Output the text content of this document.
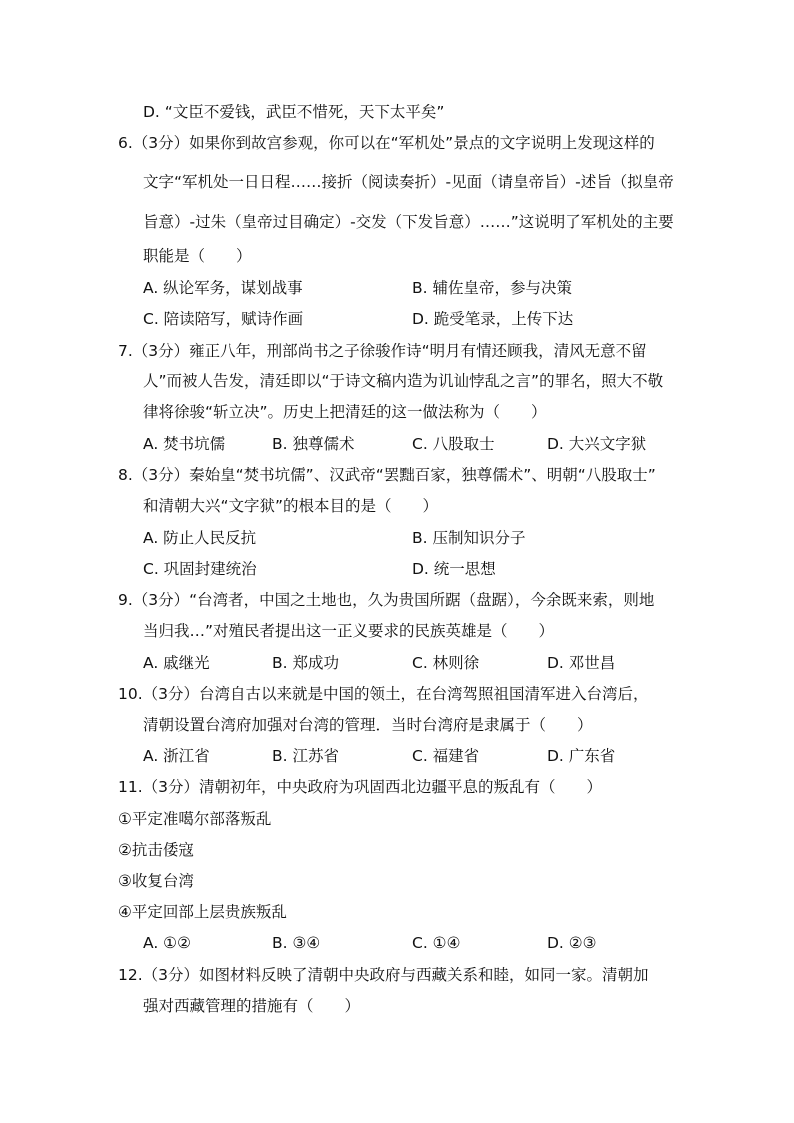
D. “文臣不爱钱，武臣不惜死，天下太平矣”
6.（3分）如果你到故宫参观，你可以在“军机处”景点的文字说明上发现这样的
文字“军机处一日日程……接折（阅读奏折）-见面（请皇帝旨）-述旨（拟皇帝
旨意）-过朱（皇帝过目确定）-交发（下发旨意）……”这说明了军机处的主要
职能是（　　）
A. 纵论军务，谋划战事	B. 辅佐皇帝，参与决策
C. 陪读陪写，赋诗作画	D. 跪受笔录，上传下达
7.（3分）雍正八年，刑部尚书之子徐骏作诗“明月有情还顾我，清风无意不留
人”而被人告发，清廷即以“于诗文稿内造为讥讪悖乱之言”的罪名，照大不敬
律将徐骏“斩立决”。历史上把清廷的这一做法称为（　　）
A. 焚书坑儒	B. 独尊儒术	C. 八股取士	D. 大兴文字狱
8.（3分）秦始皇“焚书坑儒”、汉武帝“罢黜百家，独尊儒术”、明朝“八股取士”
和清朝大兴“文字狱”的根本目的是（　　）
A. 防止人民反抗	B. 压制知识分子
C. 巩固封建统治	D. 统一思想
9.（3分）“台湾者，中国之土地也，久为贵国所踞（盘踞），今余既来索，则地
当归我…”对殖民者提出这一正义要求的民族英雄是（　　）
A. 戚继光	B. 郑成功	C. 林则徐	D. 邓世昌
10.（3分）台湾自古以来就是中国的领土，在台湾驾照祖国清军进入台湾后，
清朝设置台湾府加强对台湾的管理．当时台湾府是隶属于（　　）
A. 浙江省	B. 江苏省	C. 福建省	D. 广东省
11.（3分）清朝初年，中央政府为巩固西北边疆平息的叛乱有（　　）
①平定准噶尔部落叛乱
②抗击倭寇
③收复台湾
④平定回部上层贵族叛乱
A. ①②	B. ③④	C. ①④	D. ②③
12.（3分）如图材料反映了清朝中央政府与西藏关系和睦，如同一家。清朝加
强对西藏管理的措施有（　　）
